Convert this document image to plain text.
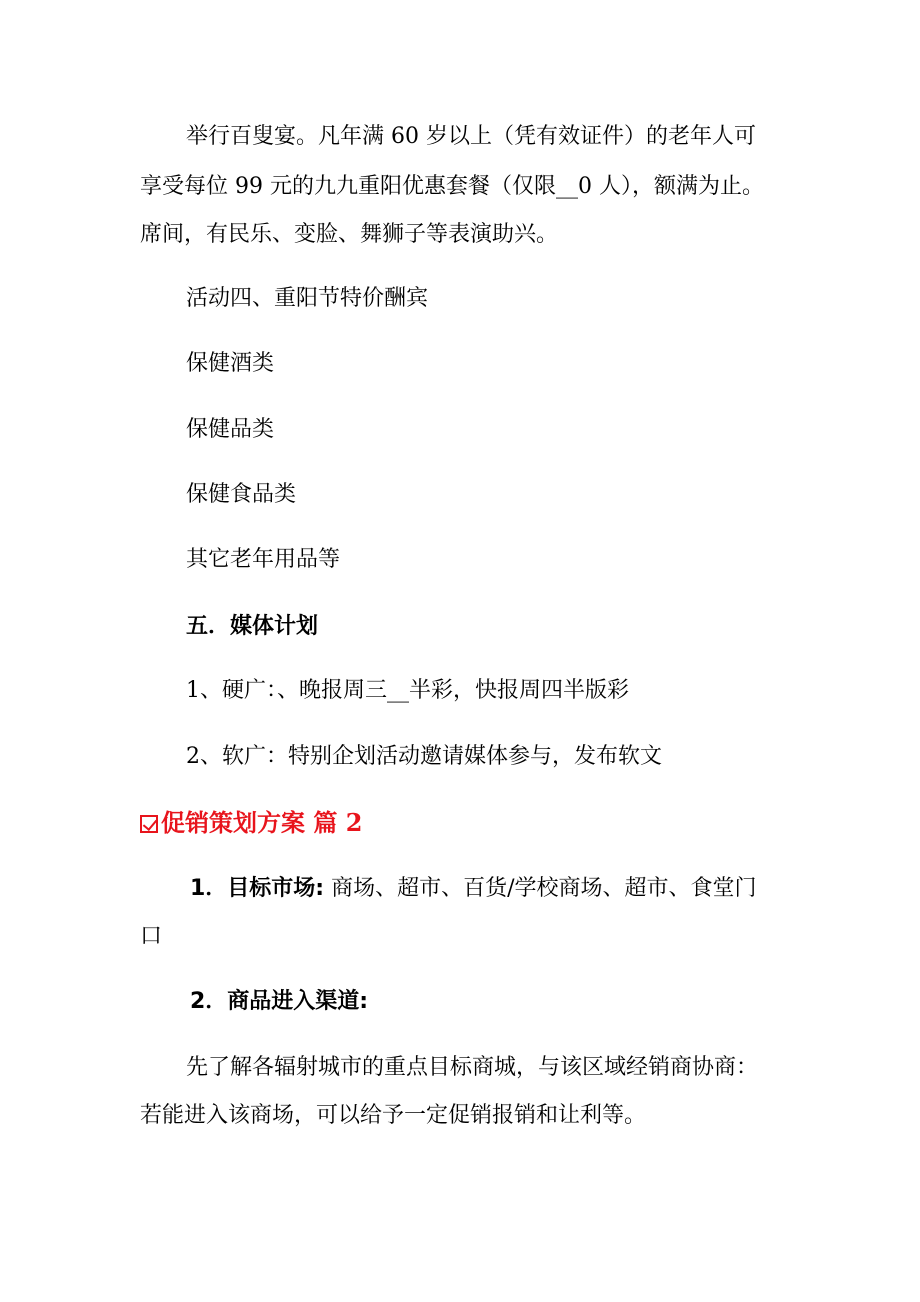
举行百叟宴。凡年满 60 岁以上（凭有效证件）的老年人可
享受每位 99 元的九九重阳优惠套餐（仅限__0 人），额满为止。
席间，有民乐、变脸、舞狮子等表演助兴。
活动四、重阳节特价酬宾
保健酒类
保健品类
保健食品类
其它老年用品等
五．媒体计划
1、硬广：、晚报周三__半彩，快报周四半版彩
2、软广：特别企划活动邀请媒体参与，发布软文
促销策划方案 篇 2
1．目标市场: 商场、超市、百货/学校商场、超市、食堂门
口
2．商品进入渠道:
先了解各辐射城市的重点目标商城，与该区域经销商协商：
若能进入该商场，可以给予一定促销报销和让利等。
